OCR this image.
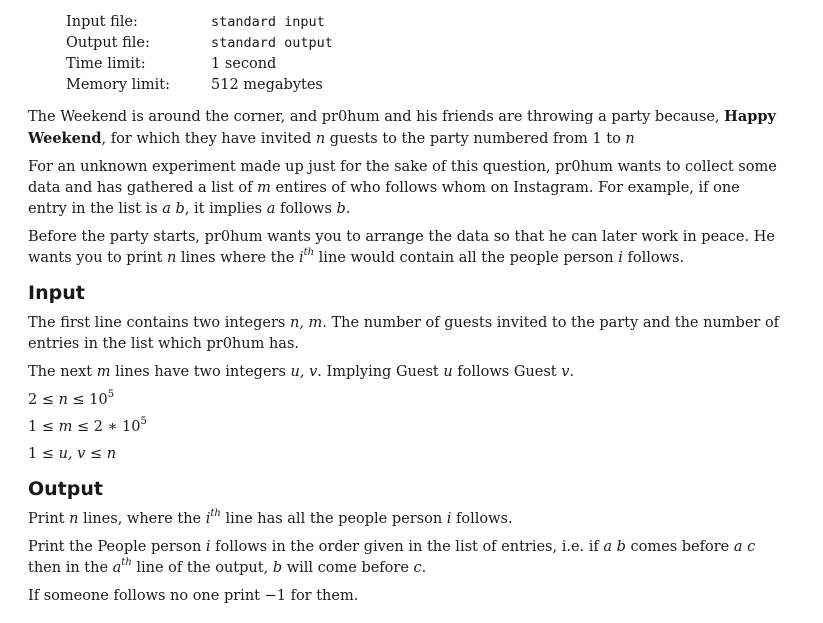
Input file:	standard input
Output file:	standard output
Time limit:	1 second
Memory limit:	512 megabytes

The Weekend is around the corner, and pr0hum and his friends are throwing a party because, Happy Weekend, for which they have invited n guests to the party numbered from 1 to n

For an unknown experiment made up just for the sake of this question, pr0hum wants to collect some data and has gathered a list of m entires of who follows whom on Instagram. For example, if one entry in the list is a b, it implies a follows b.

Before the party starts, pr0hum wants you to arrange the data so that he can later work in peace. He wants you to print n lines where the $i^{th}$ line would contain all the people person i follows.

Input

The first line contains two integers n, m. The number of guests invited to the party and the number of entries in the list which pr0hum has.

The next m lines have two integers u, v. Implying Guest u follows Guest v.

$2 \le n \le 10^5$

1 ≤ m ≤ 2 ∗ $10^5$

1 ≤ u, v ≤ n

Output

Print n lines, where the $i^{th}$ line has all the people person i follows.

Print the People person i follows in the order given in the list of entries, i.e. if a b comes before a c then in the $a^{th}$ line of the output, b will come before c.

If someone follows no one print −1 for them.
